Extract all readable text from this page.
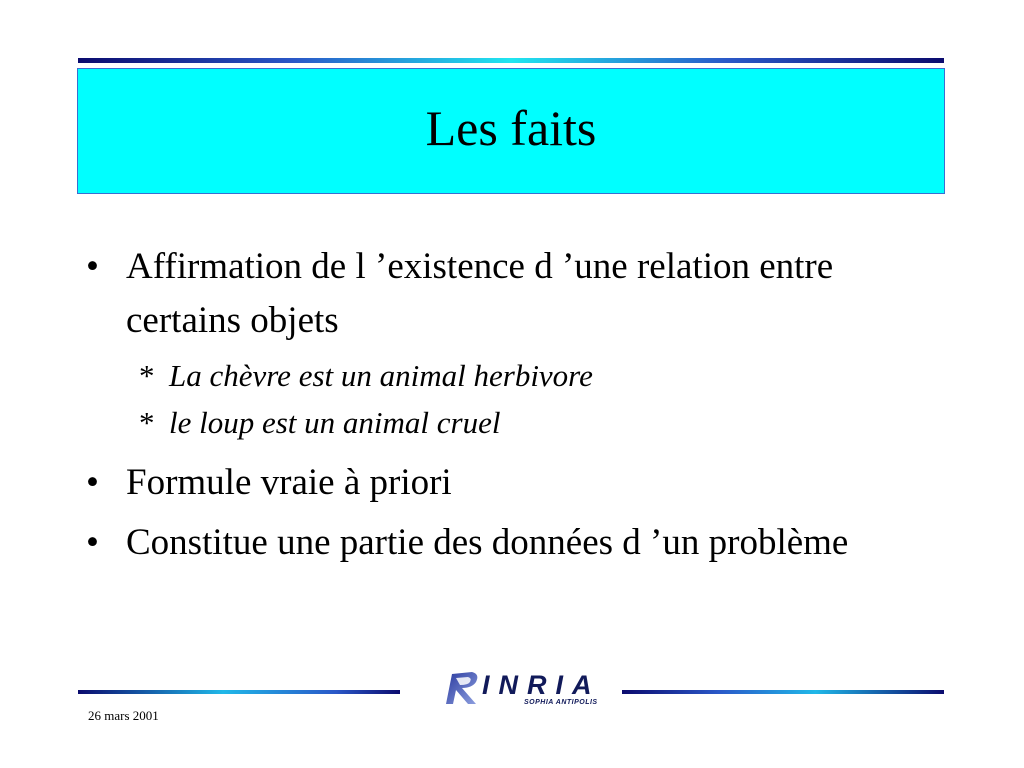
Les faits
• Affirmation de l ’existence d ’une relation entre certains objets
* La chèvre est un animal herbivore
* le loup est un animal cruel
• Formule vraie à priori
• Constitue une partie des données d ’un problème
INRIA
SOPHIA ANTIPOLIS
26 mars 2001
